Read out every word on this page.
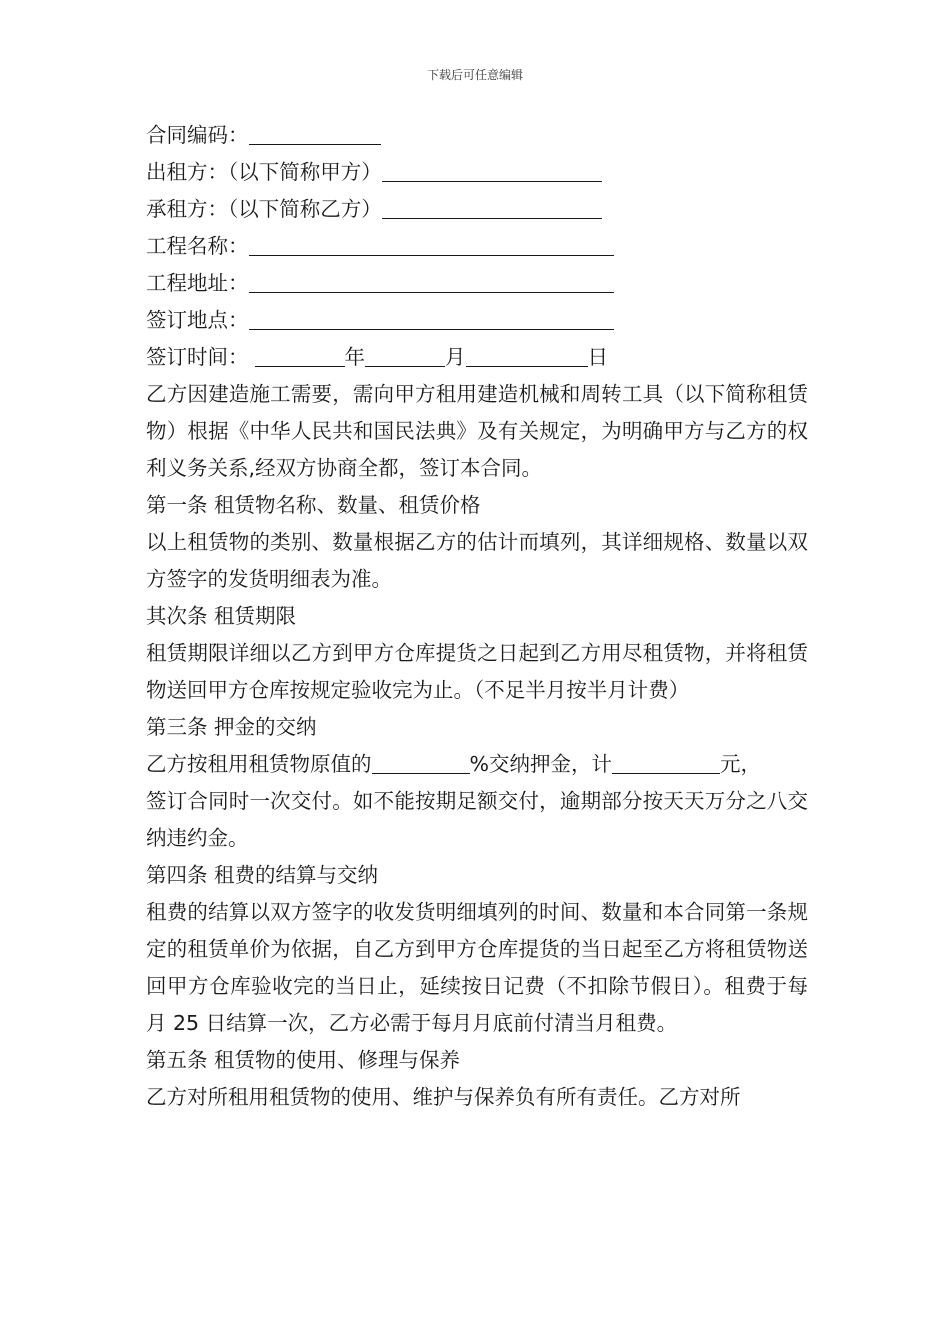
下载后可任意编辑
合同编码：
出租方：（以下简称甲方）
承租方：（以下简称乙方）
工程名称：
工程地址：
签订地点：
签订时间：	年	月	日
乙方因建造施工需要，需向甲方租用建造机械和周转工具（以下简称租赁物）根据《中华人民共和国民法典》及有关规定，为明确甲方与乙方的权利义务关系,经双方协商全都，签订本合同。
第一条 租赁物名称、数量、租赁价格
以上租赁物的类别、数量根据乙方的估计而填列，其详细规格、数量以双方签字的发货明细表为准。
其次条 租赁期限
租赁期限详细以乙方到甲方仓库提货之日起到乙方用尽租赁物，并将租赁物送回甲方仓库按规定验收完为止。（不足半月按半月计费）
第三条 押金的交纳
乙方按租用租赁物原值的	%交纳押金，计	元，
签订合同时一次交付。如不能按期足额交付，逾期部分按天天万分之八交纳违约金。
第四条 租费的结算与交纳
租费的结算以双方签字的收发货明细填列的时间、数量和本合同第一条规定的租赁单价为依据，自乙方到甲方仓库提货的当日起至乙方将租赁物送回甲方仓库验收完的当日止，延续按日记费（不扣除节假日）。租费于每月 25 日结算一次，乙方必需于每月月底前付清当月租费。
第五条 租赁物的使用、修理与保养
乙方对所租用租赁物的使用、维护与保养负有所有责任。乙方对所
